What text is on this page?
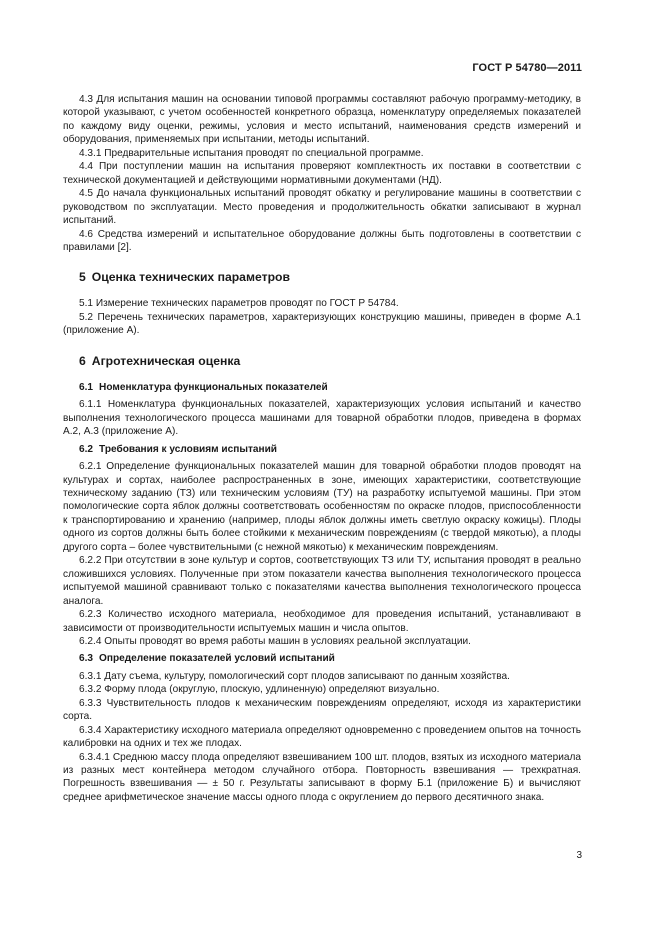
ГОСТ Р 54780—2011
4.3 Для испытания машин на основании типовой программы составляют рабочую программу-методику, в которой указывают, с учетом особенностей конкретного образца, номенклатуру определяемых показателей по каждому виду оценки, режимы, условия и место испытаний, наименования средств измерений и оборудования, применяемых при испытании, методы испытаний.
4.3.1 Предварительные испытания проводят по специальной программе.
4.4 При поступлении машин на испытания проверяют комплектность их поставки в соответствии с технической документацией и действующими нормативными документами (НД).
4.5 До начала функциональных испытаний проводят обкатку и регулирование машины в соответствии с руководством по эксплуатации. Место проведения и продолжительность обкатки записывают в журнал испытаний.
4.6 Средства измерений и испытательное оборудование должны быть подготовлены в соответствии с правилами [2].
5 Оценка технических параметров
5.1 Измерение технических параметров проводят по ГОСТ Р 54784.
5.2 Перечень технических параметров, характеризующих конструкцию машины, приведен в форме А.1 (приложение А).
6 Агротехническая оценка
6.1 Номенклатура функциональных показателей
6.1.1 Номенклатура функциональных показателей, характеризующих условия испытаний и качество выполнения технологического процесса машинами для товарной обработки плодов, приведена в формах А.2, А.3 (приложение А).
6.2 Требования к условиям испытаний
6.2.1 Определение функциональных показателей машин для товарной обработки плодов проводят на культурах и сортах, наиболее распространенных в зоне, имеющих характеристики, соответствующие техническому заданию (ТЗ) или техническим условиям (ТУ) на разработку испытуемой машины. При этом помологические сорта яблок должны соответствовать особенностям по окраске плодов, приспособленности к транспортированию и хранению (например, плоды яблок должны иметь светлую окраску кожицы). Плоды одного из сортов должны быть более стойкими к механическим повреждениям (с твердой мякотью), а плоды другого сорта – более чувствительными (с нежной мякотью) к механическим повреждениям.
6.2.2 При отсутствии в зоне культур и сортов, соответствующих ТЗ или ТУ, испытания проводят в реально сложившихся условиях. Полученные при этом показатели качества выполнения технологического процесса испытуемой машиной сравнивают только с показателями качества выполнения технологического процесса аналога.
6.2.3 Количество исходного материала, необходимое для проведения испытаний, устанавливают в зависимости от производительности испытуемых машин и числа опытов.
6.2.4 Опыты проводят во время работы машин в условиях реальной эксплуатации.
6.3 Определение показателей условий испытаний
6.3.1 Дату съема, культуру, помологический сорт плодов записывают по данным хозяйства.
6.3.2 Форму плода (округлую, плоскую, удлиненную) определяют визуально.
6.3.3 Чувствительность плодов к механическим повреждениям определяют, исходя из характеристики сорта.
6.3.4 Характеристику исходного материала определяют одновременно с проведением опытов на точность калибровки на одних и тех же плодах.
6.3.4.1 Среднюю массу плода определяют взвешиванием 100 шт. плодов, взятых из исходного материала из разных мест контейнера методом случайного отбора. Повторность взвешивания — трехкратная. Погрешность взвешивания — ± 50 г. Результаты записывают в форму Б.1 (приложение Б) и вычисляют среднее арифметическое значение массы одного плода с округлением до первого десятичного знака.
3
